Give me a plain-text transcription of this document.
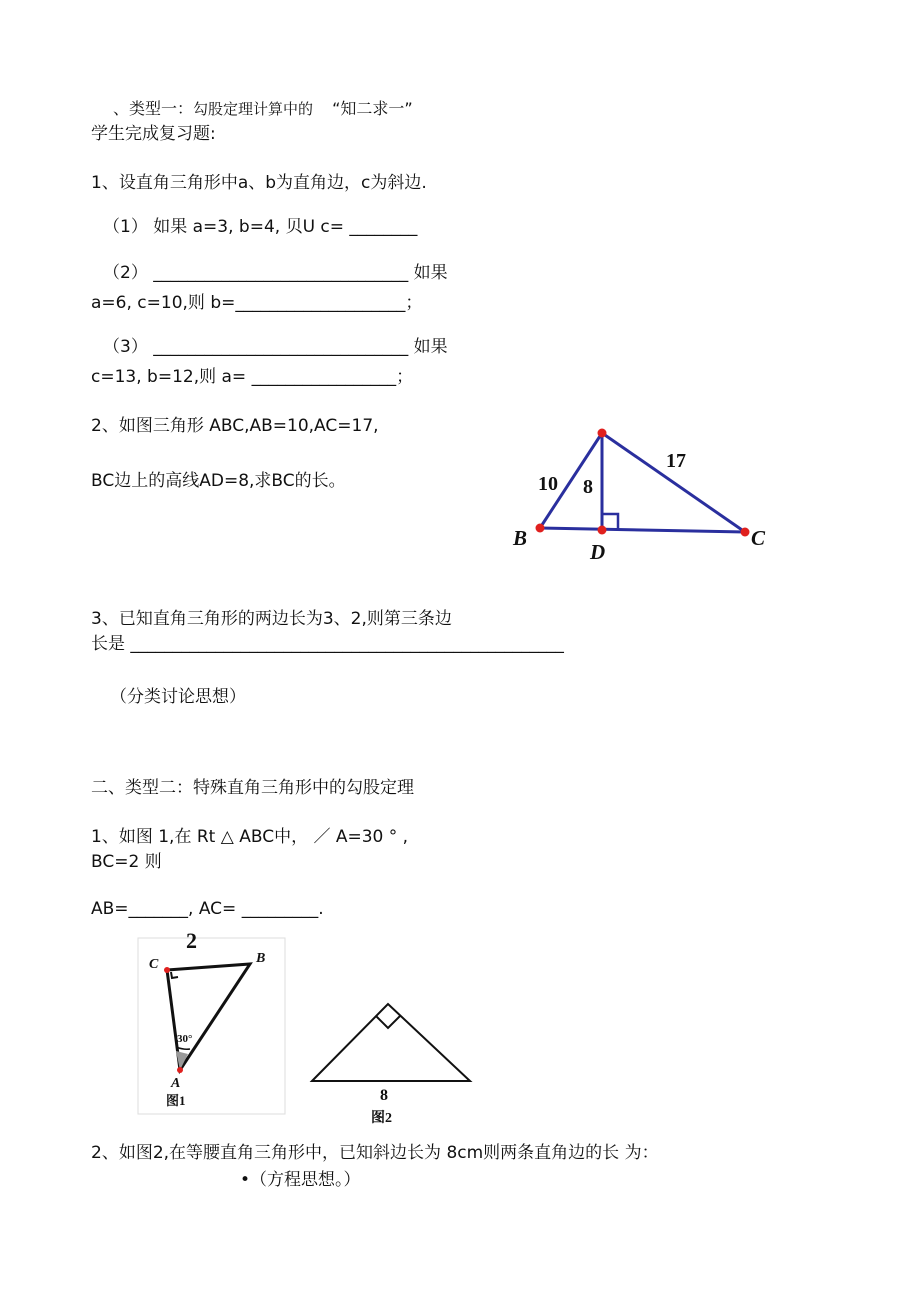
、类型一：勾股定理计算中的 “知二求一”
学生完成复习题:
1、设直角三角形中a、b为直角边，c为斜边.
（1） 如果 a=3, b=4, 贝U c= ________
（2） ______________________________ 如果
a=6, c=10,则 b=____________________；
（3） ______________________________ 如果
c=13, b=12,则 a= _________________；
2、如图三角形 ABC,AB=10,AC=17,
BC边上的高线AD=8,求BC的长。	10 8
17
B
D
C
3、已知直角三角形的两边长为3、2,则第三条边
长是 ___________________________________________________
（分类讨论思想）
二、类型二：特殊直角三角形中的勾股定理
1、如图 1,在 Rt △ ABC中， ／ A=30 ° ,
BC=2 则
AB=_______, AC= _________.
2
C	B
A
30°
图1	8
图2
2、如图2,在等腰直角三角形中，已知斜边长为 8cm则两条直角边的长 为：
•（方程思想。）
